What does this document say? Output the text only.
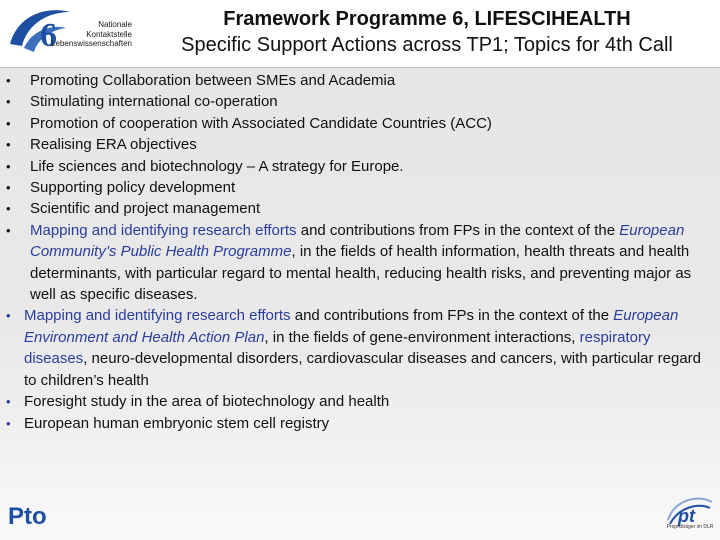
6	Nationale
Kontaktstelle
Lebenswissenschaften
Framework Programme 6, LIFESCIHEALTH
Specific Support Actions across TP1; Topics for 4th Call
•	Promoting Collaboration between SMEs and Academia
•	Stimulating international co-operation
•	Promotion of cooperation with Associated Candidate Countries (ACC)
•	Realising ERA objectives
•	Life sciences and biotechnology – A strategy for Europe.
•	Supporting policy development
•	Scientific and project management
•	Mapping and identifying research efforts and contributions from FPs in the context of the European Community’s Public Health Programme, in the fields of health information, health threats and health determinants, with particular regard to mental health, reducing health risks, and preventing major as well as specific diseases.
• Mapping and identifying research efforts and contributions from FPs in the context of the European Environment and Health Action Plan, in the fields of gene-environment interactions, respiratory diseases, neuro-developmental disorders, cardiovascular diseases and cancers, with particular regard to children’s health
• Foresight study in the area of biotechnology and health
• European human embryonic stem cell registry
Pto	pt
Projektträger im DLR
